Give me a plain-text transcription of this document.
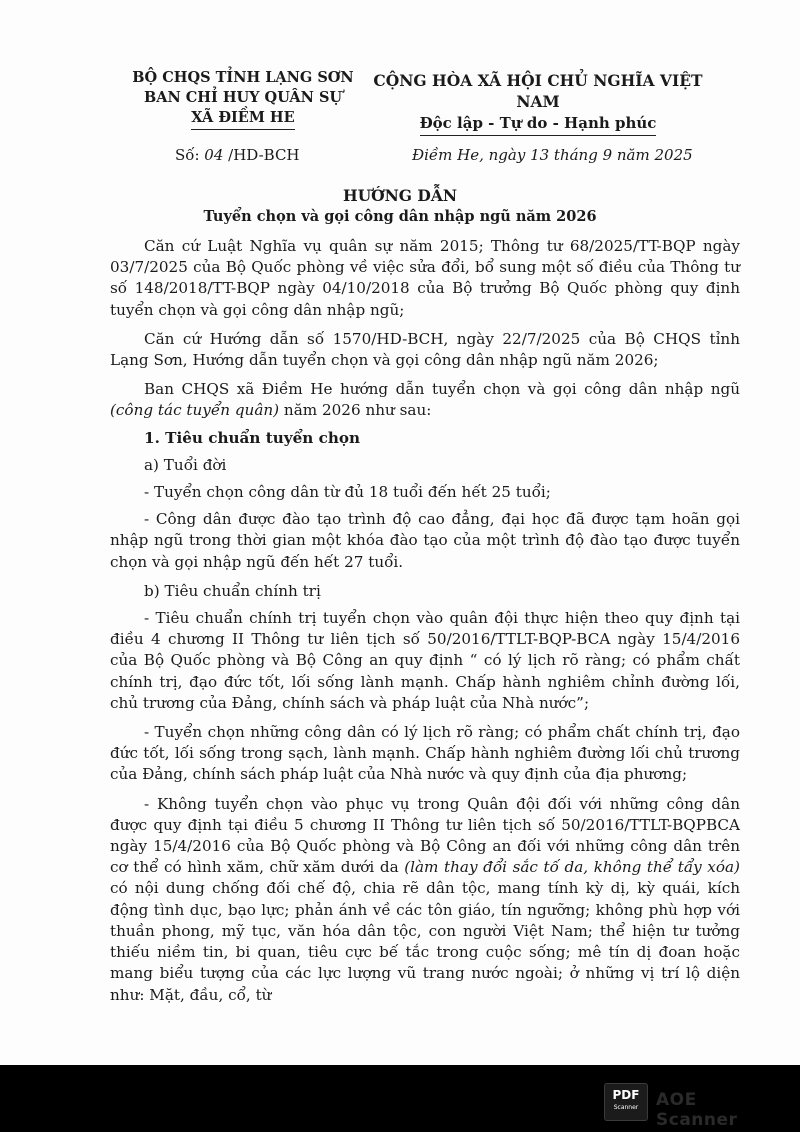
BỘ CHQS TỈNH LẠNG SƠN
BAN CHỈ HUY QUÂN SỰ
XÃ ĐIỀM HE
CỘNG HÒA XÃ HỘI CHỦ NGHĨA VIỆT NAM
Độc lập - Tự do - Hạnh phúc
Số: 04 /HD-BCH	Điềm He, ngày 13 tháng 9 năm 2025
HƯỚNG DẪN
Tuyển chọn và gọi công dân nhập ngũ năm 2026

Căn cứ Luật Nghĩa vụ quân sự năm 2015; Thông tư 68/2025/TT-BQP ngày 03/7/2025 của Bộ Quốc phòng về việc sửa đổi, bổ sung một số điều của Thông tư số 148/2018/TT-BQP ngày 04/10/2018 của Bộ trưởng Bộ Quốc phòng quy định tuyển chọn và gọi công dân nhập ngũ;

Căn cứ Hướng dẫn số 1570/HD-BCH, ngày 22/7/2025 của Bộ CHQS tỉnh Lạng Sơn, Hướng dẫn tuyển chọn và gọi công dân nhập ngũ năm 2026;

Ban CHQS xã Điềm He hướng dẫn tuyển chọn và gọi công dân nhập ngũ (công tác tuyển quân) năm 2026 như sau:

1. Tiêu chuẩn tuyển chọn

a) Tuổi đời

- Tuyển chọn công dân từ đủ 18 tuổi đến hết 25 tuổi;

- Công dân được đào tạo trình độ cao đẳng, đại học đã được tạm hoãn gọi nhập ngũ trong thời gian một khóa đào tạo của một trình độ đào tạo được tuyển chọn và gọi nhập ngũ đến hết 27 tuổi.

b) Tiêu chuẩn chính trị

- Tiêu chuẩn chính trị tuyển chọn vào quân đội thực hiện theo quy định tại điều 4 chương II Thông tư liên tịch số 50/2016/TTLT-BQP-BCA ngày 15/4/2016 của Bộ Quốc phòng và Bộ Công an quy định “ có lý lịch rõ ràng; có phẩm chất chính trị, đạo đức tốt, lối sống lành mạnh. Chấp hành nghiêm chỉnh đường lối, chủ trương của Đảng, chính sách và pháp luật của Nhà nước”;

- Tuyển chọn những công dân có lý lịch rõ ràng; có phẩm chất chính trị, đạo đức tốt, lối sống trong sạch, lành mạnh. Chấp hành nghiêm đường lối chủ trương của Đảng, chính sách pháp luật của Nhà nước và quy định của địa phương;

- Không tuyển chọn vào phục vụ trong Quân đội đối với những công dân được quy định tại điều 5 chương II Thông tư liên tịch số 50/2016/TTLT-BQPBCA ngày 15/4/2016 của Bộ Quốc phòng và Bộ Công an đối với những công dân trên cơ thể có hình xăm, chữ xăm dưới da (làm thay đổi sắc tố da, không thể tẩy xóa) có nội dung chống đối chế độ, chia rẽ dân tộc, mang tính kỳ dị, kỳ quái, kích động tình dục, bạo lực; phản ánh về các tôn giáo, tín ngưỡng; không phù hợp với thuần phong, mỹ tục, văn hóa dân tộc, con người Việt Nam; thể hiện tư tưởng thiếu niềm tin, bi quan, tiêu cực bế tắc trong cuộc sống; mê tín dị đoan hoặc mang biểu tượng của các lực lượng vũ trang nước ngoài; ở những vị trí lộ diện như: Mặt, đầu, cổ, từ

PDF
Scanner	AOE Scanner
